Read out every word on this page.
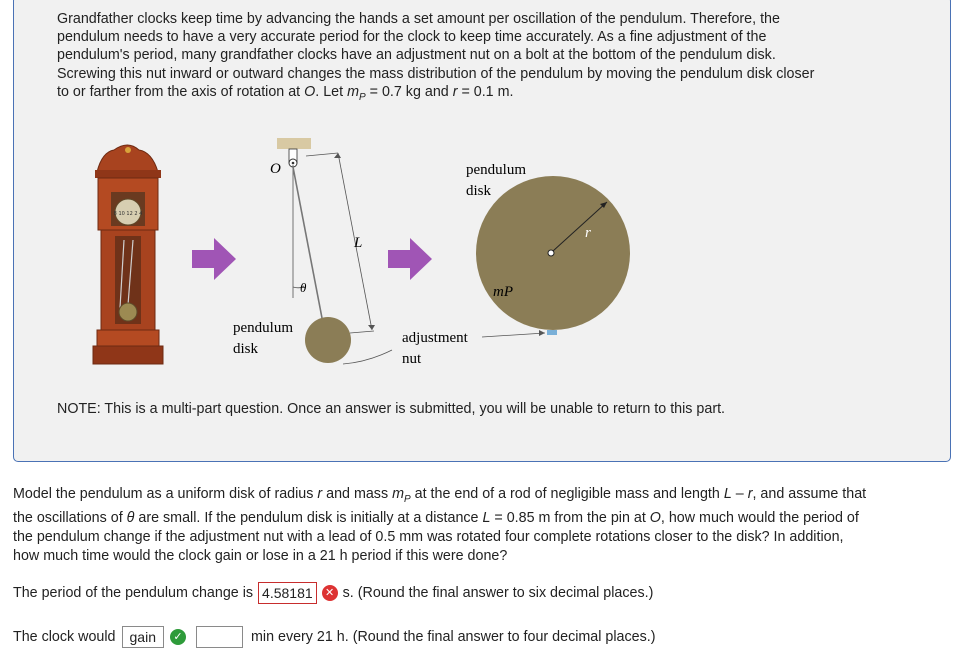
Grandfather clocks keep time by advancing the hands a set amount per oscillation of the pendulum. Therefore, the
pendulum needs to have a very accurate period for the clock to keep time accurately. As a fine adjustment of the
pendulum's period, many grandfather clocks have an adjustment nut on a bolt at the bottom of the pendulum disk.
Screwing this nut inward or outward changes the mass distribution of the pendulum by moving the pendulum disk closer
to or farther from the axis of rotation at O. Let $m_P = 0.7$ kg and r = 0.1 m.
8 10 12 2 4
O
L
θ
pendulum
disk
r
mP
pendulum
disk
adjustment
nut
NOTE: This is a multi-part question. Once an answer is submitted, you will be unable to return to this part.
Model the pendulum as a uniform disk of radius r and mass $m_P$ at the end of a rod of negligible mass and length L – r, and assume that
the oscillations of θ are small. If the pendulum disk is initially at a distance L = 0.85 m from the pin at O, how much would the period of
the pendulum change if the adjustment nut with a lead of 0.5 mm was rotated four complete rotations closer to the disk? In addition,
how much time would the clock gain or lose in a 21 h period if this were done?
The period of the pendulum change is 4.58181	✕ s. (Round the final answer to six decimal places.)
The clock would	gain	✓	min every 21 h. (Round the final answer to four decimal places.)
